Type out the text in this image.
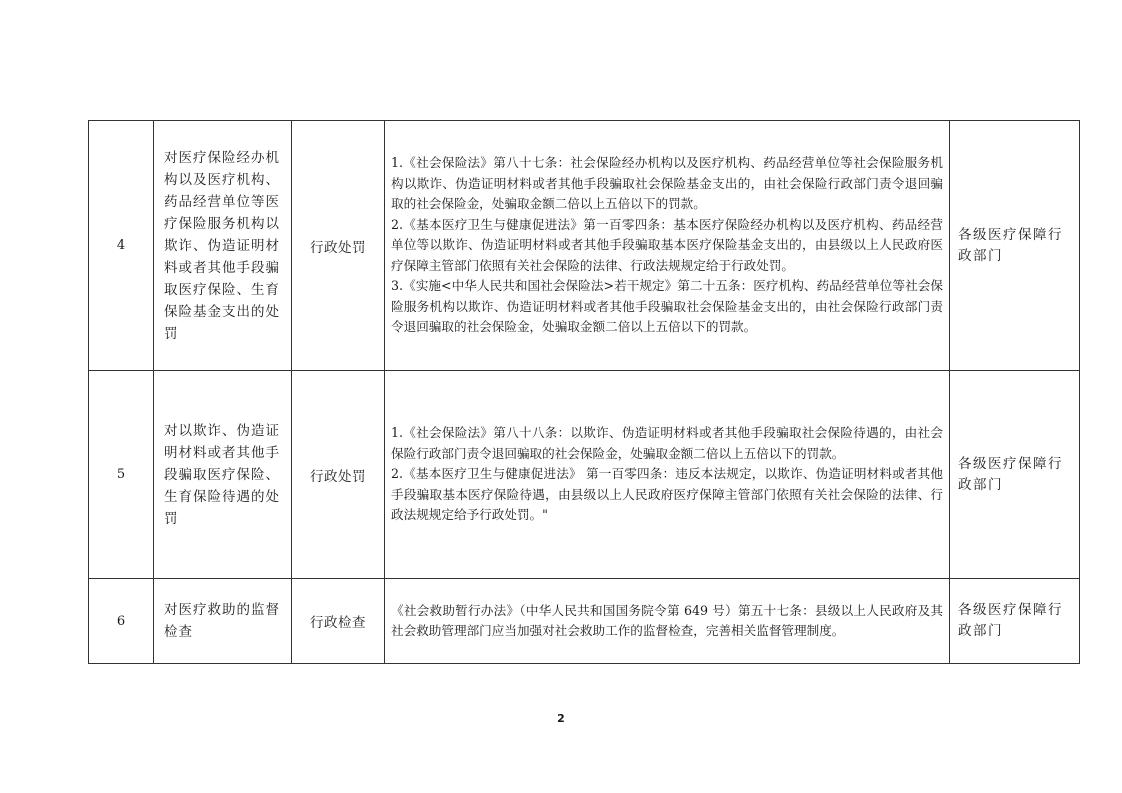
4	对医疗保险经办机构以及医疗机构、药品经营单位等医疗保险服务机构以欺诈、伪造证明材料或者其他手段骗取医疗保险、生育保险基金支出的处罚	行政处罚	1.《社会保险法》第八十七条：社会保险经办机构以及医疗机构、药品经营单位等社会保险服务机构以欺诈、伪造证明材料或者其他手段骗取社会保险基金支出的，由社会保险行政部门责令退回骗取的社会保险金，处骗取金额二倍以上五倍以下的罚款。

2.《基本医疗卫生与健康促进法》第一百零四条：基本医疗保险经办机构以及医疗机构、药品经营单位等以欺诈、伪造证明材料或者其他手段骗取基本医疗保险基金支出的，由县级以上人民政府医疗保障主管部门依照有关社会保险的法律、行政法规规定给于行政处罚。

3.《实施<中华人民共和国社会保险法>若干规定》第二十五条：医疗机构、药品经营单位等社会保险服务机构以欺诈、伪造证明材料或者其他手段骗取社会保险基金支出的，由社会保险行政部门责令退回骗取的社会保险金，处骗取金额二倍以上五倍以下的罚款。	各级医疗保障行政部门
5	对以欺诈、伪造证明材料或者其他手段骗取医疗保险、生育保险待遇的处罚	行政处罚	1.《社会保险法》第八十八条：以欺诈、伪造证明材料或者其他手段骗取社会保险待遇的，由社会保险行政部门责令退回骗取的社会保险金，处骗取金额二倍以上五倍以下的罚款。

2.《基本医疗卫生与健康促进法》 第一百零四条：违反本法规定，以欺诈、伪造证明材料或者其他手段骗取基本医疗保险待遇，由县级以上人民政府医疗保障主管部门依照有关社会保险的法律、行政法规规定给予行政处罚。"	各级医疗保障行政部门
6	对医疗救助的监督检查	行政检查	《社会救助暂行办法》（中华人民共和国国务院令第 649 号）第五十七条：县级以上人民政府及其社会救助管理部门应当加强对社会救助工作的监督检查，完善相关监督管理制度。	各级医疗保障行政部门
2
